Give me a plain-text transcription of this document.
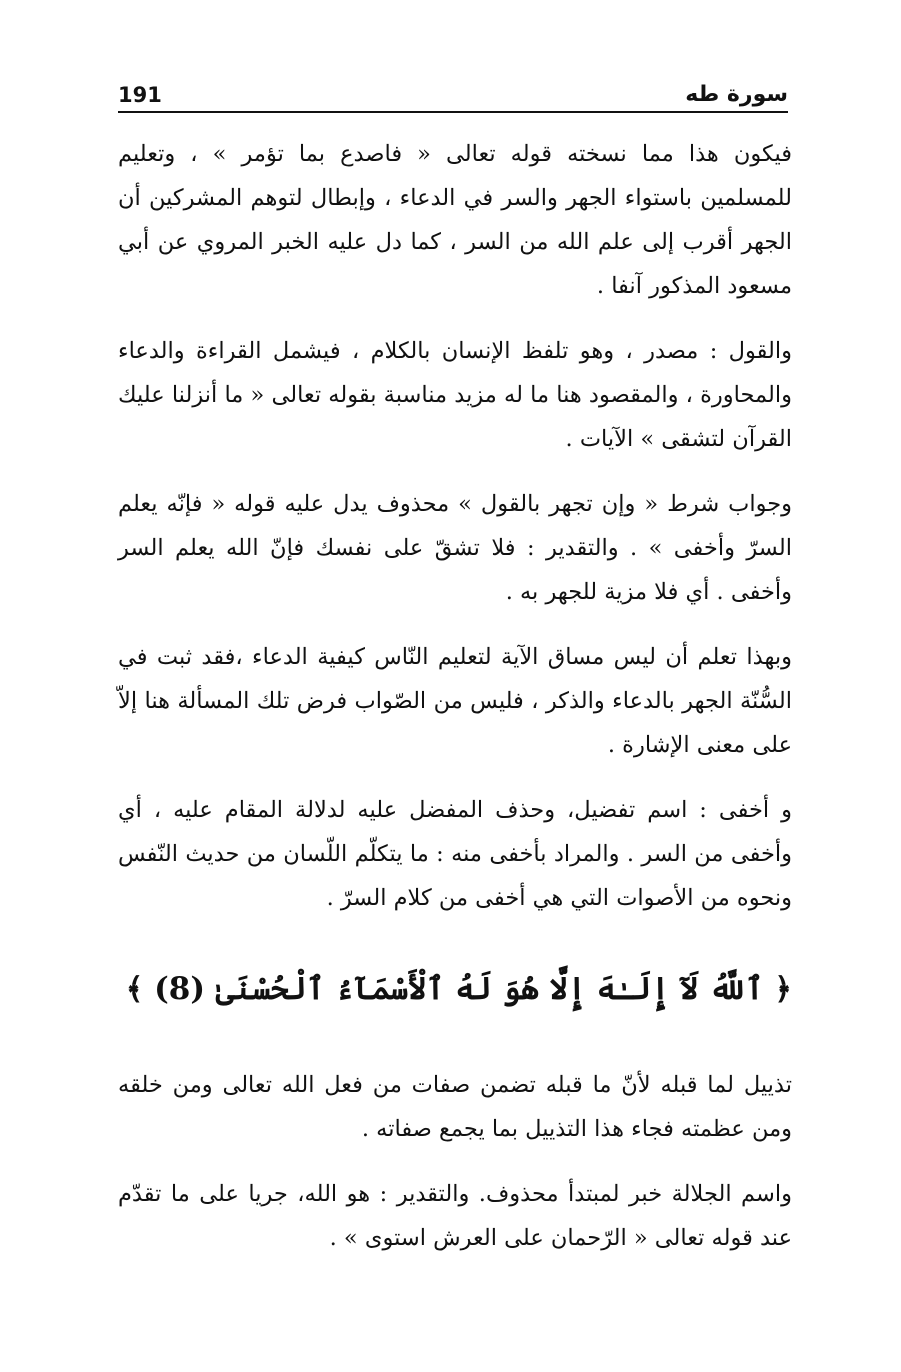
191	سورة طه

فيكون هذا مما نسخته قوله تعالى « فاصدع بما تؤمر » ، وتعليم للمسلمين باستواء الجهر والسر في الدعاء ، وإبطال لتوهم المشركين أن الجهر أقرب إلى علم الله من السر ، كما دل عليه الخبر المروي عن أبي مسعود المذكور آنفا .

والقول : مصدر ، وهو تلفظ الإنسان بالكلام ، فيشمل القراءة والدعاء والمحاورة ، والمقصود هنا ما له مزيد مناسبة بقوله تعالى « ما أنزلنا عليك القرآن لتشقى » الآيات .

وجواب شرط « وإن تجهر بالقول » محذوف يدل عليه قوله « فإنّه يعلم السرّ وأخفى » . والتقدير : فلا تشقّ على نفسك فإنّ الله يعلم السر وأخفى . أي فلا مزية للجهر به .

وبهذا تعلم أن ليس مساق الآية لتعليم النّاس كيفية الدعاء ،فقد ثبت في السُّنّة الجهر بالدعاء والذكر ، فليس من الصّواب فرض تلك المسألة هنا إلاّ على معنى الإشارة .

و أخفى : اسم تفضيل، وحذف المفضل عليه لدلالة المقام عليه ، أي وأخفى من السر . والمراد بأخفى منه : ما يتكلّم اللّسان من حديث النّفس ونحوه من الأصوات التي هي أخفى من كلام السرّ .

﴿ ٱللَّهُ لَآ إِلَـٰهَ إِلَّا هُوَ لَهُ ٱلْأَسْمَآءُ ٱلْحُسْنَىٰ (8) ﴾

تذييل لما قبله لأنّ ما قبله تضمن صفات من فعل الله تعالى ومن خلقه ومن عظمته فجاء هذا التذييل بما يجمع صفاته .

واسم الجلالة خبر لمبتدأ محذوف. والتقدير : هو الله، جريا على ما تقدّم عند قوله تعالى « الرّحمان على العرش استوى » .
